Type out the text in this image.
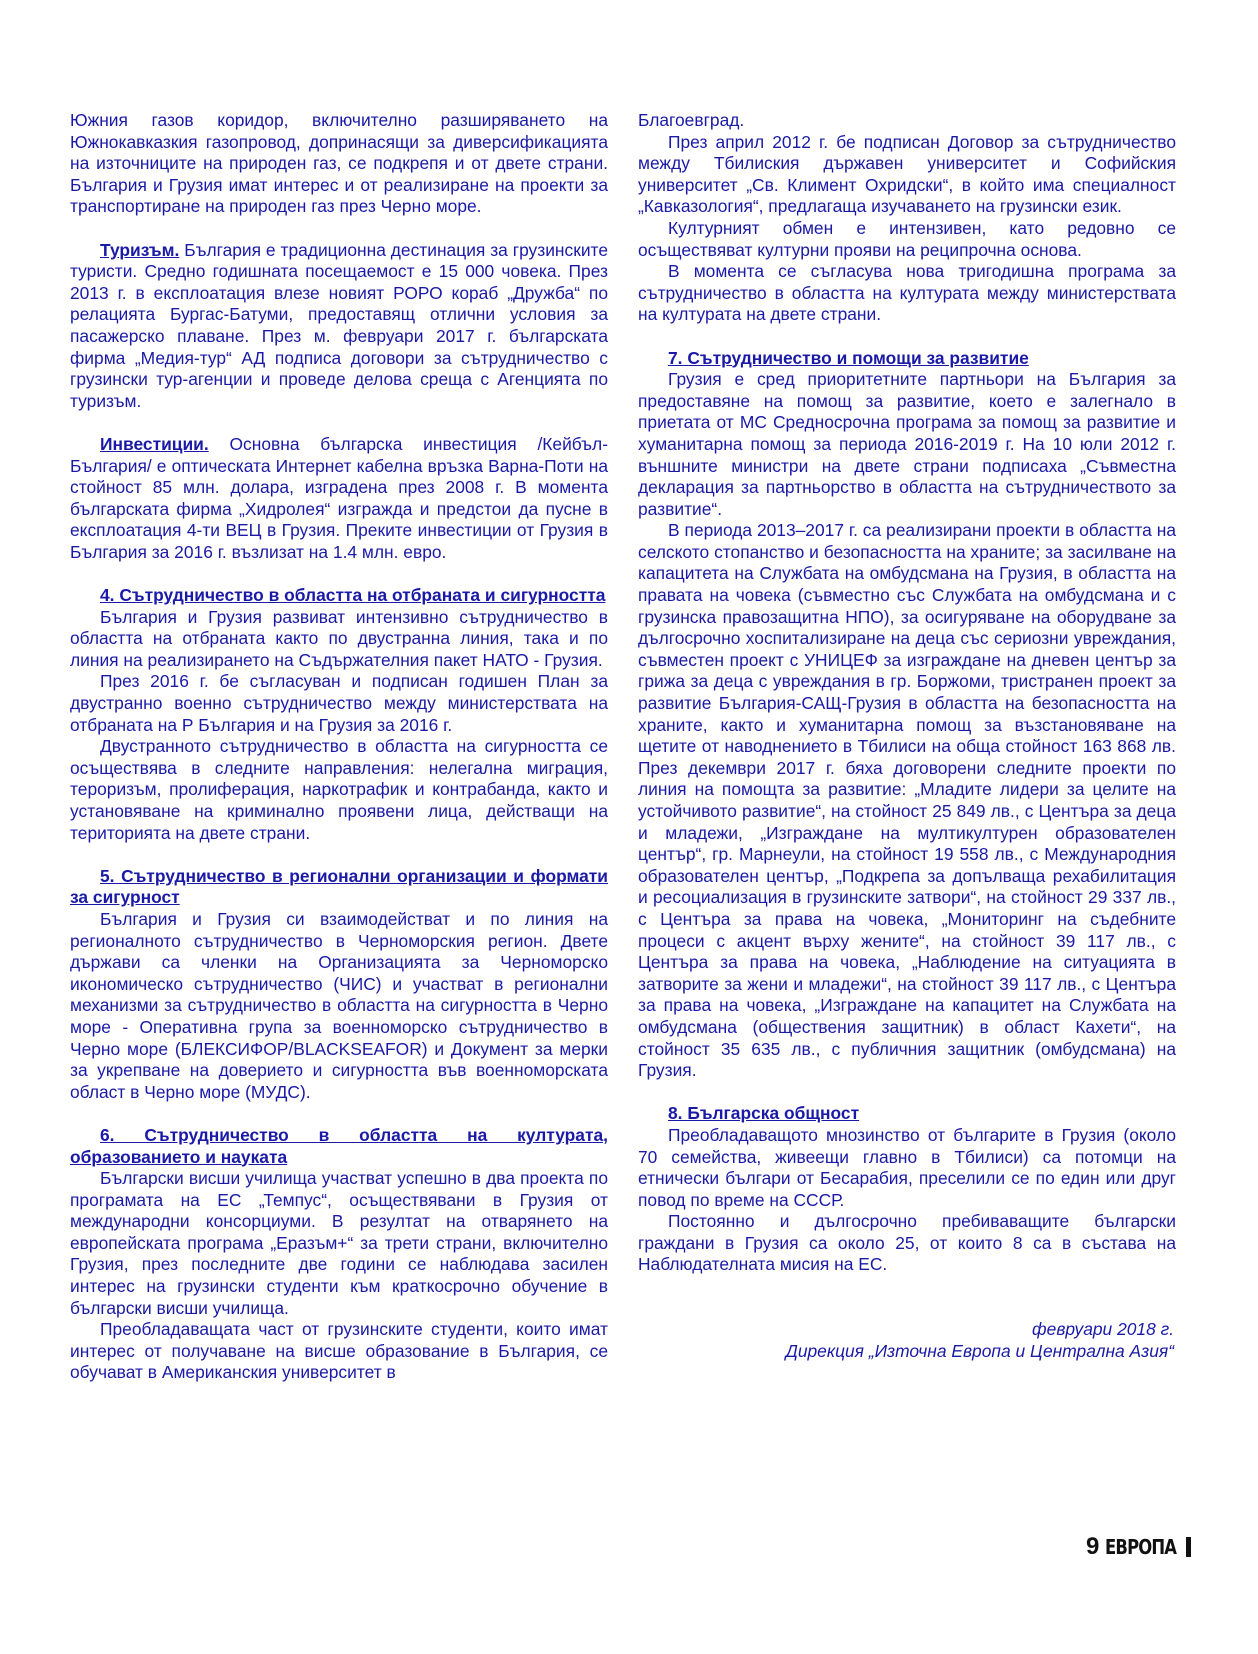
Южния газов коридор, включително разширяването на Южнокавказкия газопровод, допринасящи за диверсификацията на източниците на природен газ, се подкрепя и от двете страни. България и Грузия имат интерес и от реализиране на проекти за транспортиране на природен газ през Черно море.

Туризъм. България е традиционна дестинация за грузинските туристи. Средно годишната посещаемост е 15 000 човека. През 2013 г. в експлоатация влезе новият РОРО кораб „Дружба“ по релацията Бургас-Батуми, предоставящ отлични условия за пасажерско плаване. През м. февруари 2017 г. българската фирма „Медия-тур“ АД подписа договори за сътрудничество с грузински тур-агенции и проведе делова среща с Агенцията по туризъм.

Инвестиции. Основна българска инвестиция /Кейбъл-България/ е оптическата Интернет кабелна връзка Варна-Поти на стойност 85 млн. долара, изградена през 2008 г. В момента българската фирма „Хидролея“ изгражда и предстои да пусне в експлоатация 4-ти ВЕЦ в Грузия. Преките инвестиции от Грузия в България за 2016 г. възлизат на 1.4 млн. евро.

4. Сътрудничество в областта на отбраната и сигурността

България и Грузия развиват интензивно сътрудничество в областта на отбраната както по двустранна линия, така и по линия на реализирането на Съдържателния пакет НАТО - Грузия.

През 2016 г. бе съгласуван и подписан годишен План за двустранно военно сътрудничество между министерствата на отбраната на Р България и на Грузия за 2016 г.

Двустранното сътрудничество в областта на сигурността се осъществява в следните направления: нелегална миграция, тероризъм, пролиферация, наркотрафик и контрабанда, както и установяване на криминално проявени лица, действащи на територията на двете страни.

5. Сътрудничество в регионални организации и формати за сигурност

България и Грузия си взаимодействат и по линия на регионалното сътрудничество в Черноморския регион. Двете държави са членки на Организацията за Черноморско икономическо сътрудничество (ЧИС) и участват в регионални механизми за сътрудничество в областта на сигурността в Черно море - Оперативна група за военноморско сътрудничество в Черно море (БЛЕКСИФОР/BLACKSEAFOR) и Документ за мерки за укрепване на доверието и сигурността във военноморската област в Черно море (МУДС).

6. Сътрудничество в областта на културата, образованието и науката

Български висши училища участват успешно в два проекта по програмата на ЕС „Темпус“, осъществявани в Грузия от международни консорциуми. В резултат на отварянето на европейската програма „Еразъм+“ за трети страни, включително Грузия, през последните две години се наблюдава засилен интерес на грузински студенти към краткосрочно обучение в български висши училища.

Преобладаващата част от грузинските студенти, които имат интерес от получаване на висше образование в България, се обучават в Американския университет в

Благоевград.

През април 2012 г. бе подписан Договор за сътрудничество между Тбилиския държавен университет и Софийския университет „Св. Климент Охридски“, в който има специалност „Кавказология“, предлагаща изучаването на грузински език.

Културният обмен е интензивен, като редовно се осъществяват културни прояви на реципрочна основа.

В момента се съгласува нова тригодишна програма за сътрудничество в областта на културата между министерствата на културата на двете страни.

7. Сътрудничество и помощи за развитие

Грузия е сред приоритетните партньори на България за предоставяне на помощ за развитие, което е залегнало в приетата от МС Средносрочна програма за помощ за развитие и хуманитарна помощ за периода 2016-2019 г. На 10 юли 2012 г. външните министри на двете страни подписаха „Съвместна декларация за партньорство в областта на сътрудничеството за развитие“.

В периода 2013–2017 г. са реализирани проекти в областта на селското стопанство и безопасността на храните; за засилване на капацитета на Службата на омбудсмана на Грузия, в областта на правата на човека (съвместно със Службата на омбудсмана и с грузинска правозащитна НПО), за осигуряване на оборудване за дългосрочно хоспитализиране на деца със сериозни увреждания, съвместен проект с УНИЦЕФ за изграждане на дневен център за грижа за деца с увреждания в гр. Боржоми, тристранен проект за развитие България-САЩ-Грузия в областта на безопасността на храните, както и хуманитарна помощ за възстановяване на щетите от наводнението в Тбилиси на обща стойност 163 868 лв. През декември 2017 г. бяха договорени следните проекти по линия на помощта за развитие: „Младите лидери за целите на устойчивото развитие“, на стойност 25 849 лв., с Центъра за деца и младежи, „Изграждане на мултикултурен образователен център“, гр. Марнеули, на стойност 19 558 лв., с Международния образователен център, „Подкрепа за допълваща рехабилитация и ресоциализация в грузинските затвори“, на стойност 29 337 лв., с Центъра за права на човека, „Мониторинг на съдебните процеси с акцент върху жените“, на стойност 39 117 лв., с Центъра за права на човека, „Наблюдение на ситуацията в затворите за жени и младежи“, на стойност 39 117 лв., с Центъра за права на човека, „Изграждане на капацитет на Службата на омбудсмана (обществения защитник) в област Кахети“, на стойност 35 635 лв., с публичния защитник (омбудсмана) на Грузия.

8. Българска общност

Преобладаващото мнозинство от българите в Грузия (около 70 семейства, живеещи главно в Тбилиси) са потомци на етнически българи от Бесарабия, преселили се по един или друг повод по време на СССР.

Постоянно и дългосрочно пребиваващите български граждани в Грузия са около 25, от които 8 са в състава на Наблюдателната мисия на ЕС.

февруари 2018 г.

Дирекция „Източна Европа и Централна Азия“

9 ЕВРОПА
